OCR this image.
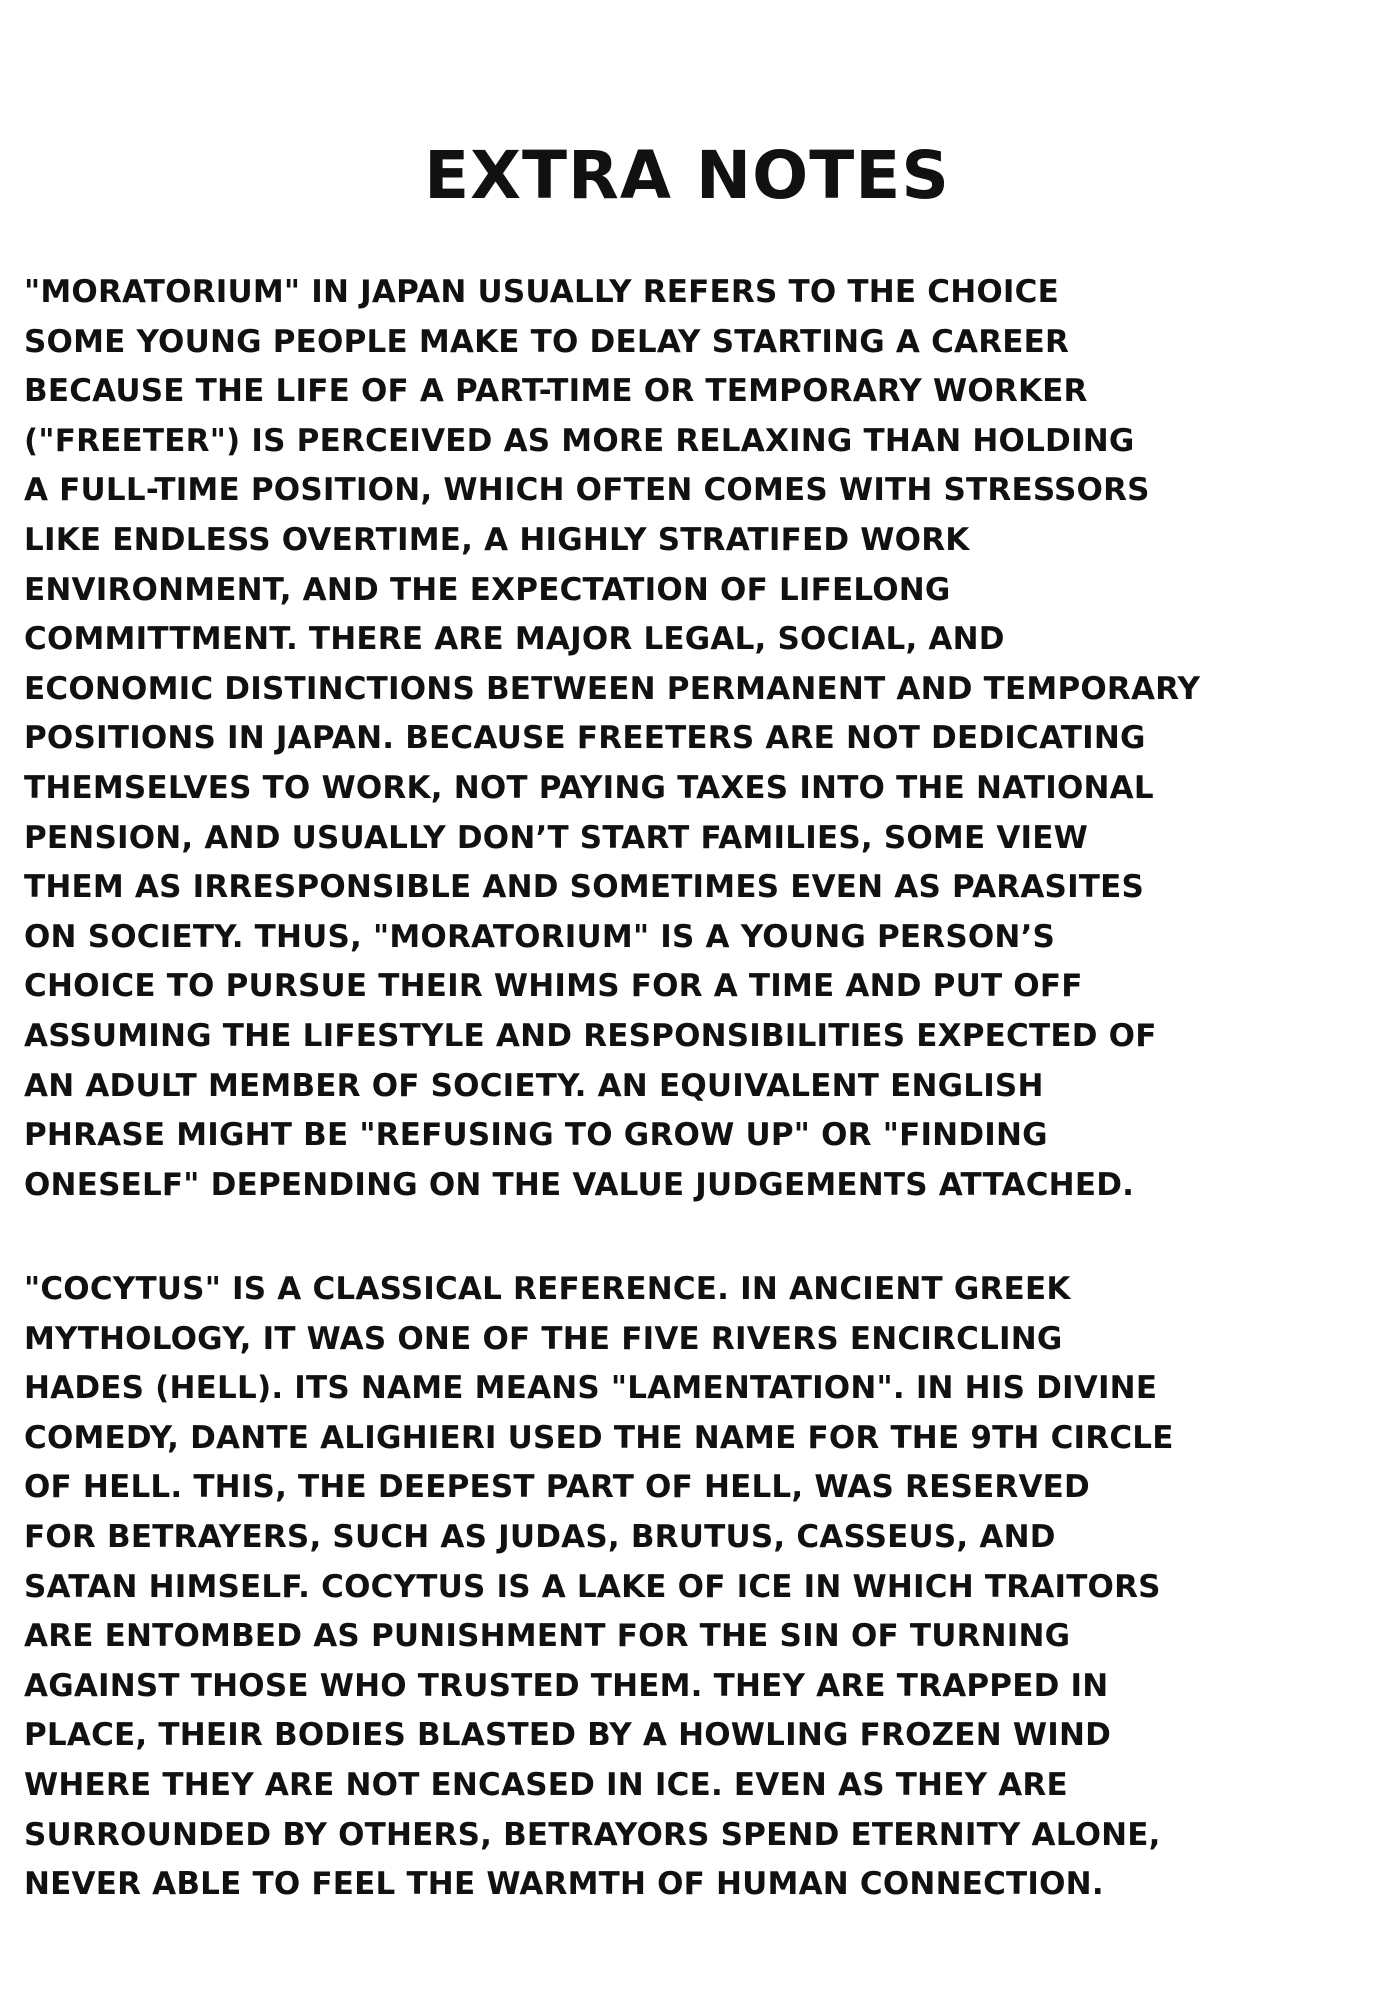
EXTRA NOTES
"MORATORIUM" IN JAPAN USUALLY REFERS TO THE CHOICE
SOME YOUNG PEOPLE MAKE TO DELAY STARTING A CAREER
BECAUSE THE LIFE OF A PART-TIME OR TEMPORARY WORKER
("FREETER") IS PERCEIVED AS MORE RELAXING THAN HOLDING
A FULL-TIME POSITION, WHICH OFTEN COMES WITH STRESSORS
LIKE ENDLESS OVERTIME, A HIGHLY STRATIFED WORK
ENVIRONMENT, AND THE EXPECTATION OF LIFELONG
COMMITTMENT. THERE ARE MAJOR LEGAL, SOCIAL, AND
ECONOMIC DISTINCTIONS BETWEEN PERMANENT AND TEMPORARY
POSITIONS IN JAPAN. BECAUSE FREETERS ARE NOT DEDICATING
THEMSELVES TO WORK, NOT PAYING TAXES INTO THE NATIONAL
PENSION, AND USUALLY DON’T START FAMILIES, SOME VIEW
THEM AS IRRESPONSIBLE AND SOMETIMES EVEN AS PARASITES
ON SOCIETY. THUS, "MORATORIUM" IS A YOUNG PERSON’S
CHOICE TO PURSUE THEIR WHIMS FOR A TIME AND PUT OFF
ASSUMING THE LIFESTYLE AND RESPONSIBILITIES EXPECTED OF
AN ADULT MEMBER OF SOCIETY. AN EQUIVALENT ENGLISH
PHRASE MIGHT BE "REFUSING TO GROW UP" OR "FINDING
ONESELF" DEPENDING ON THE VALUE JUDGEMENTS ATTACHED.
"COCYTUS" IS A CLASSICAL REFERENCE. IN ANCIENT GREEK
MYTHOLOGY, IT WAS ONE OF THE FIVE RIVERS ENCIRCLING
HADES (HELL). ITS NAME MEANS "LAMENTATION". IN HIS DIVINE
COMEDY, DANTE ALIGHIERI USED THE NAME FOR THE 9TH CIRCLE
OF HELL. THIS, THE DEEPEST PART OF HELL, WAS RESERVED
FOR BETRAYERS, SUCH AS JUDAS, BRUTUS, CASSEUS, AND
SATAN HIMSELF. COCYTUS IS A LAKE OF ICE IN WHICH TRAITORS
ARE ENTOMBED AS PUNISHMENT FOR THE SIN OF TURNING
AGAINST THOSE WHO TRUSTED THEM. THEY ARE TRAPPED IN
PLACE, THEIR BODIES BLASTED BY A HOWLING FROZEN WIND
WHERE THEY ARE NOT ENCASED IN ICE. EVEN AS THEY ARE
SURROUNDED BY OTHERS, BETRAYORS SPEND ETERNITY ALONE,
NEVER ABLE TO FEEL THE WARMTH OF HUMAN CONNECTION.
